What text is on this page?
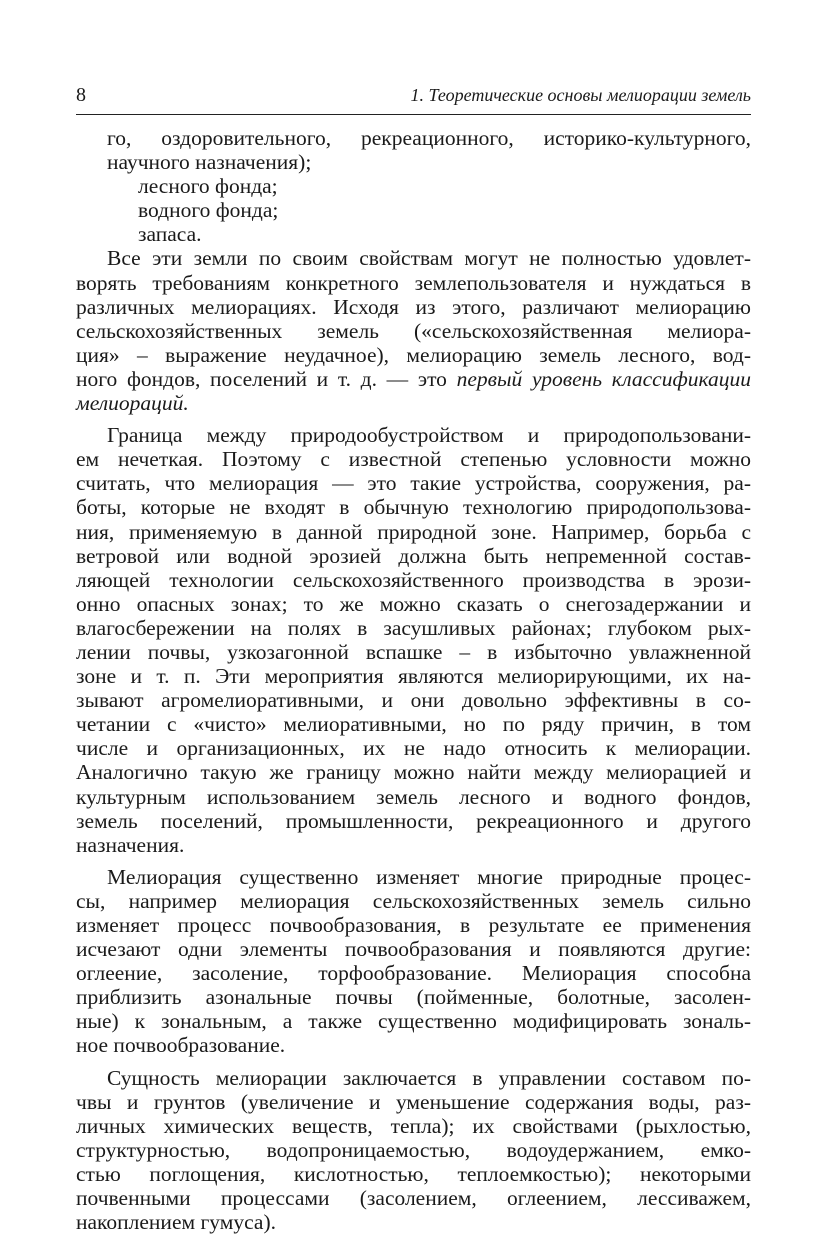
8	1. Теоретические основы мелиорации земель
го, оздоровительного, рекреационного, историко-культурного,
научного назначения);
лесного фонда;
водного фонда;
запаса.
Все эти земли по своим свойствам могут не полностью удовлет-
ворять требованиям конкретного землепользователя и нуждаться в
различных мелиорациях. Исходя из этого, различают мелиорацию
сельскохозяйственных земель («сельскохозяйственная мелиора-
ция» – выражение неудачное), мелиорацию земель лесного, вод-
ного фондов, поселений и т. д. — это первый уровень классификации
мелиораций.
Граница между природообустройством и природопользовани-
ем нечеткая. Поэтому с известной степенью условности можно
считать, что мелиорация — это такие устройства, сооружения, ра-
боты, которые не входят в обычную технологию природопользова-
ния, применяемую в данной природной зоне. Например, борьба с
ветровой или водной эрозией должна быть непременной состав-
ляющей технологии сельскохозяйственного производства в эрози-
онно опасных зонах; то же можно сказать о снегозадержании и
влагосбережении на полях в засушливых районах; глубоком рых-
лении почвы, узкозагонной вспашке – в избыточно увлажненной
зоне и т. п. Эти мероприятия являются мелиорирующими, их на-
зывают агромелиоративными, и они довольно эффективны в со-
четании с «чисто» мелиоративными, но по ряду причин, в том
числе и организационных, их не надо относить к мелиорации.
Аналогично такую же границу можно найти между мелиорацией и
культурным использованием земель лесного и водного фондов,
земель поселений, промышленности, рекреационного и другого
назначения.
Мелиорация существенно изменяет многие природные процес-
сы, например мелиорация сельскохозяйственных земель сильно
изменяет процесс почвообразования, в результате ее применения
исчезают одни элементы почвообразования и появляются другие:
оглеение, засоление, торфообразование. Мелиорация способна
приблизить азональные почвы (пойменные, болотные, засолен-
ные) к зональным, а также существенно модифицировать зональ-
ное почвообразование.
Сущность мелиорации заключается в управлении составом по-
чвы и грунтов (увеличение и уменьшение содержания воды, раз-
личных химических веществ, тепла); их свойствами (рыхлостью,
структурностью, водопроницаемостью, водоудержанием, емко-
стью поглощения, кислотностью, теплоемкостью); некоторыми
почвенными процессами (засолением, оглеением, лессиважем,
накоплением гумуса).
